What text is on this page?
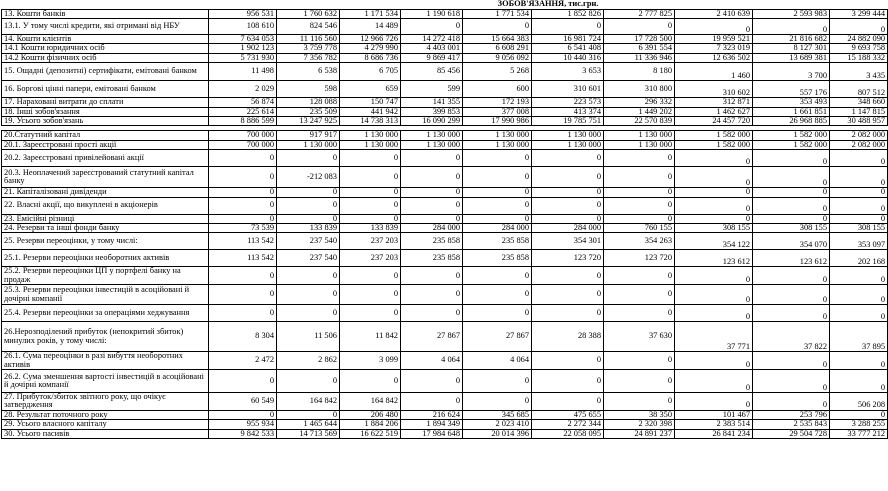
	ЗОБОВ'ЯЗАННЯ, тис.грн.									
13. Кошти банків	956 531	1 760 632	1 171 534	1 190 618	1 771 534	1 852 826	2 777 825	2 410 639	2 593 983	3 299 444
13.1. У тому числі кредити, які отримані від НБУ	108 610	824 546	14 489	0	0	0	0	0	0	0
14. Кошти клієнтів	7 634 053	11 116 560	12 966 726	14 272 418	15 664 383	16 981 724	17 728 500	19 959 521	21 816 682	24 882 090
14.1 Кошти юридичних осіб	1 902 123	3 759 778	4 279 990	4 403 001	6 608 291	6 541 408	6 391 554	7 323 019	8 127 301	9 693 758
14.2 Кошти фізичних осіб	5 731 930	7 356 782	8 686 736	9 869 417	9 056 092	10 440 316	11 336 946	12 636 502	13 689 381	15 188 332
15. Ощадні (депозитні) сертифікати, емітовані банком	11 498	6 538	6 705	85 456	5 268	3 653	8 180	1 460	3 700	3 435
16. Боргові цінні папери, емітовані банком	2 029	598	659	599	600	310 601	310 800	310 602	557 176	807 512
17. Нараховані витрати до сплати	56 874	128 088	150 747	141 355	172 193	223 573	296 332	312 871	353 493	348 660
18. Інші зобов'язання	225 614	235 509	441 942	399 853	377 008	413 374	1 449 202	1 462 627	1 661 851	1 147 815
19. Усього зобов'язань	8 886 599	13 247 925	14 738 313	16 090 299	17 990 986	19 785 751	22 570 839	24 457 720	26 968 885	30 488 957

20.Статутний капітал	700 000	917 917	1 130 000	1 130 000	1 130 000	1 130 000	1 130 000	1 582 000	1 582 000	2 082 000
20.1. Зареєстровані прості акції	700 000	1 130 000	1 130 000	1 130 000	1 130 000	1 130 000	1 130 000	1 582 000	1 582 000	2 082 000
20.2. Зареєстровані привілейовані акції	0	0	0	0	0	0	0	0	0	0
20.3. Неоплачений зареєстрований статутний капітал банку	0	-212 083	0	0	0	0	0	0	0	0
21. Капіталізовані дивіденди	0	0	0	0	0	0	0	0	0	0
22. Власні акції, що викуплені в акціонерів	0	0	0	0	0	0	0	0	0	0
23. Емісійні різниці	0	0	0	0	0	0	0	0	0	0
24. Резерви та інші фонди банку	73 539	133 839	133 839	284 000	284 000	284 000	760 155	308 155	308 155	308 155
25. Резерви переоцінки, у тому числі:	113 542	237 540	237 203	235 858	235 858	354 301	354 263	354 122	354 070	353 097
25.1. Резерви переоцінки необоротних активів	113 542	237 540	237 203	235 858	235 858	123 720	123 720	123 612	123 612	202 168
25.2. Резерви переоцінки ЦП у портфелі банку на продаж	0	0	0	0	0	0	0	0	0	0
25.3. Резерви переоцінки інвестицій в асоційовані й дочірні компанії	0	0	0	0	0	0	0	0	0	0
25.4. Резерви переоцінки за операціями хеджування	0	0	0	0	0	0	0	0	0	0
26.Нерозподілений прибуток (непокритий збиток) минулих років, у тому числі:	8 304	11 506	11 842	27 867	27 867	28 388	37 630	37 771	37 822	37 895
26.1. Сума переоцінки в разі вибуття необоротних активів	2 472	2 862	3 099	4 064	4 064	0	0	0	0	0
26.2. Сума зменшення вартості інвестицій в асоційовані й дочірні компанії	0	0	0	0	0	0	0	0	0	0
27. Прибуток/збиток звітного року, що очікує затвердження	60 549	164 842	164 842	0	0	0	0	0	0	506 208
28. Результат поточного року	0	0	206 480	216 624	345 685	475 655	38 350	101 467	253 796	0
29. Усього власного капіталу	955 934	1 465 644	1 884 206	1 894 349	2 023 410	2 272 344	2 320 398	2 383 514	2 535 843	3 288 255
30. Усього пасивів	9 842 533	14 713 569	16 622 519	17 984 648	20 014 396	22 058 095	24 891 237	26 841 234	29 504 728	33 777 212
